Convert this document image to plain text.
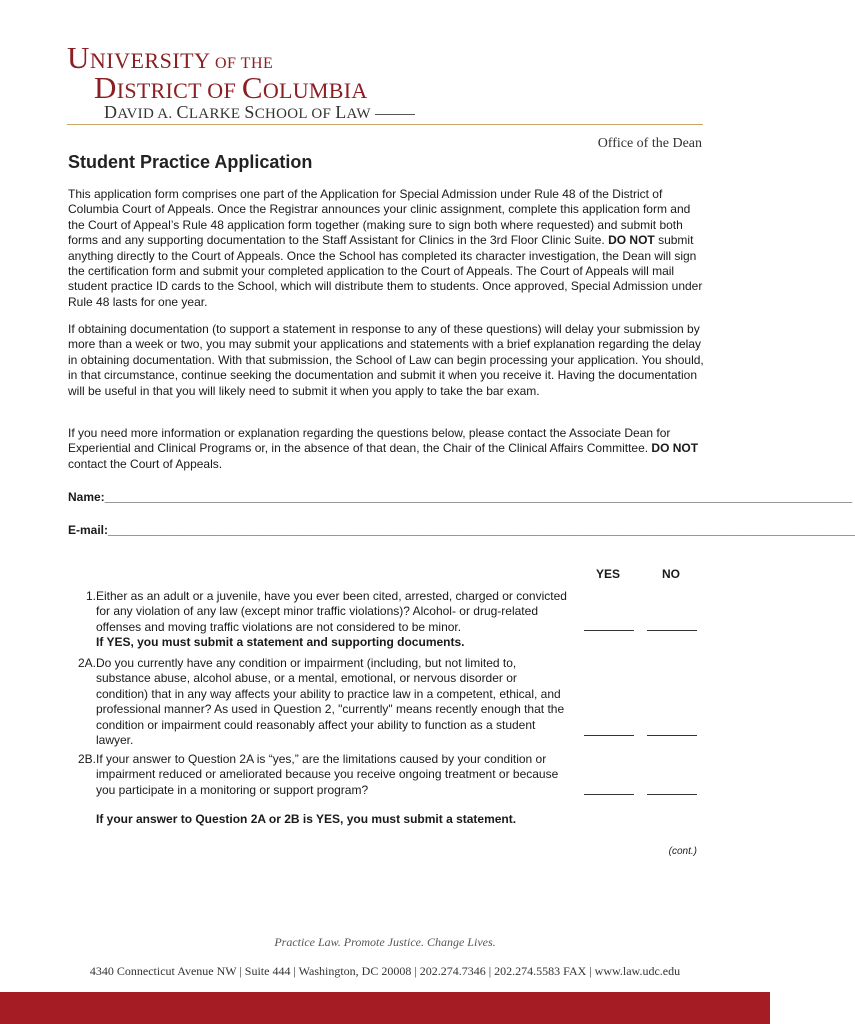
UNIVERSITY OF THE
DISTRICT OF COLUMBIA
DAVID A. CLARKE SCHOOL OF LAW
Office of the Dean
Student Practice Application

This application form comprises one part of the Application for Special Admission under Rule 48 of the District of Columbia Court of Appeals. Once the Registrar announces your clinic assignment, complete this application form and the Court of Appeal’s Rule 48 application form together (making sure to sign both where requested) and submit both forms and any supporting documentation to the Staff Assistant for Clinics in the 3rd Floor Clinic Suite. DO NOT submit anything directly to the Court of Appeals. Once the School has completed its character investigation, the Dean will sign the certification form and submit your completed application to the Court of Appeals. The Court of Appeals will mail student practice ID cards to the School, which will distribute them to students. Once approved, Special Admission under Rule 48 lasts for one year.

If obtaining documentation (to support a statement in response to any of these questions) will delay your submission by more than a week or two, you may submit your applications and statements with a brief explanation regarding the delay in obtaining documentation. With that submission, the School of Law can begin processing your application. You should, in that circumstance, continue seeking the documentation and submit it when you receive it. Having the documentation will be useful in that you will likely need to submit it when you apply to take the bar exam.

If you need more information or explanation regarding the questions below, please contact the Associate Dean for Experiential and Clinical Programs or, in the absence of that dean, the Chair of the Clinical Affairs Committee. DO NOT contact the Court of Appeals.

Name:________________________________________________________________________________________________________________
E-mail:________________________________________________________________________________________________________________
YES	NO
1. Either as an adult or a juvenile, have you ever been cited, arrested, charged or convicted for any violation of any law (except minor traffic violations)? Alcohol- or drug-related offenses and moving traffic violations are not considered to be minor.
If YES, you must submit a statement and supporting documents.
2A. Do you currently have any condition or impairment (including, but not limited to, substance abuse, alcohol abuse, or a mental, emotional, or nervous disorder or condition) that in any way affects your ability to practice law in a competent, ethical, and professional manner? As used in Question 2, "currently" means recently enough that the condition or impairment could reasonably affect your ability to function as a student lawyer.
2B. If your answer to Question 2A is “yes,” are the limitations caused by your condition or impairment reduced or ameliorated because you receive ongoing treatment or because you participate in a monitoring or support program?
If your answer to Question 2A or 2B is YES, you must submit a statement.
(cont.)
Practice Law. Promote Justice. Change Lives.
4340 Connecticut Avenue NW | Suite 444 | Washington, DC 20008 | 202.274.7346 | 202.274.5583 FAX | www.law.udc.edu
